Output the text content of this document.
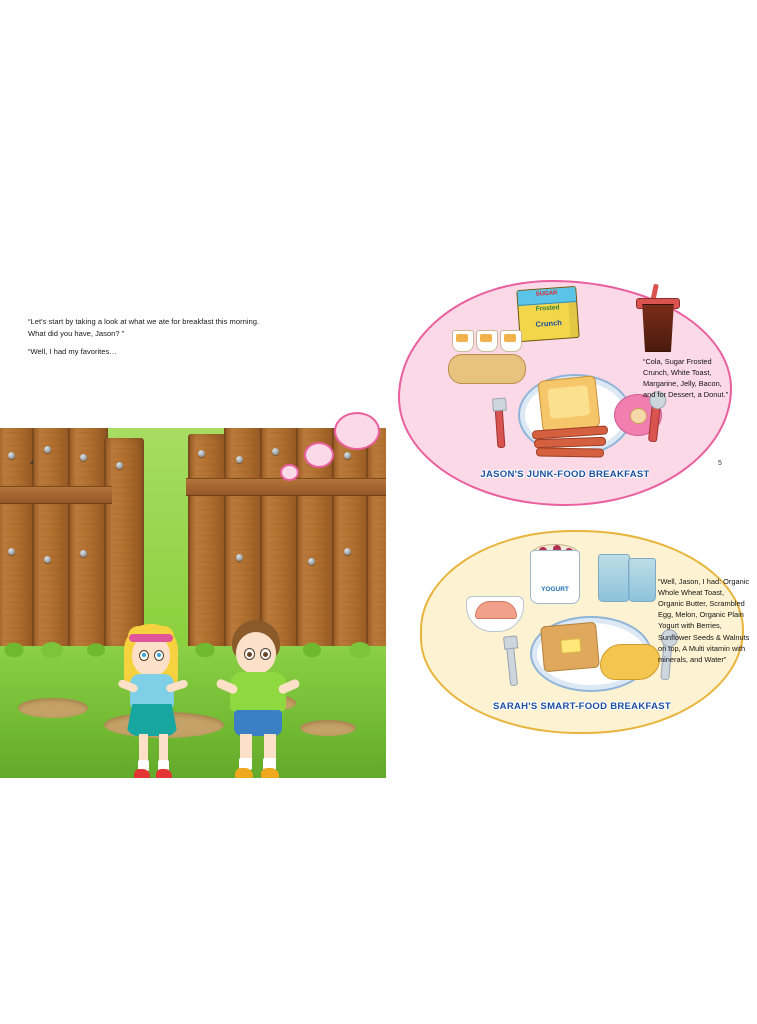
“Let's start by taking a look at what we ate for breakfast this morning. What did you have, Jason? ”

“Well, I had my favorites…

4	5
SUGAR
Frosted
Crunch
“Cola, Sugar Frosted Crunch, White Toast, Margarine, Jelly, Bacon, and for Dessert, a Donut.”
JASON'S JUNK-FOOD BREAKFAST
YOGURT
“Well, Jason, I had: Organic Whole Wheat Toast, Organic Butter, Scrambled Egg, Melon, Organic Plain Yogurt with Berries, Sunflower Seeds & Walnuts on top, A Multi vitamin with minerals, and Water”
SARAH'S SMART-FOOD BREAKFAST
